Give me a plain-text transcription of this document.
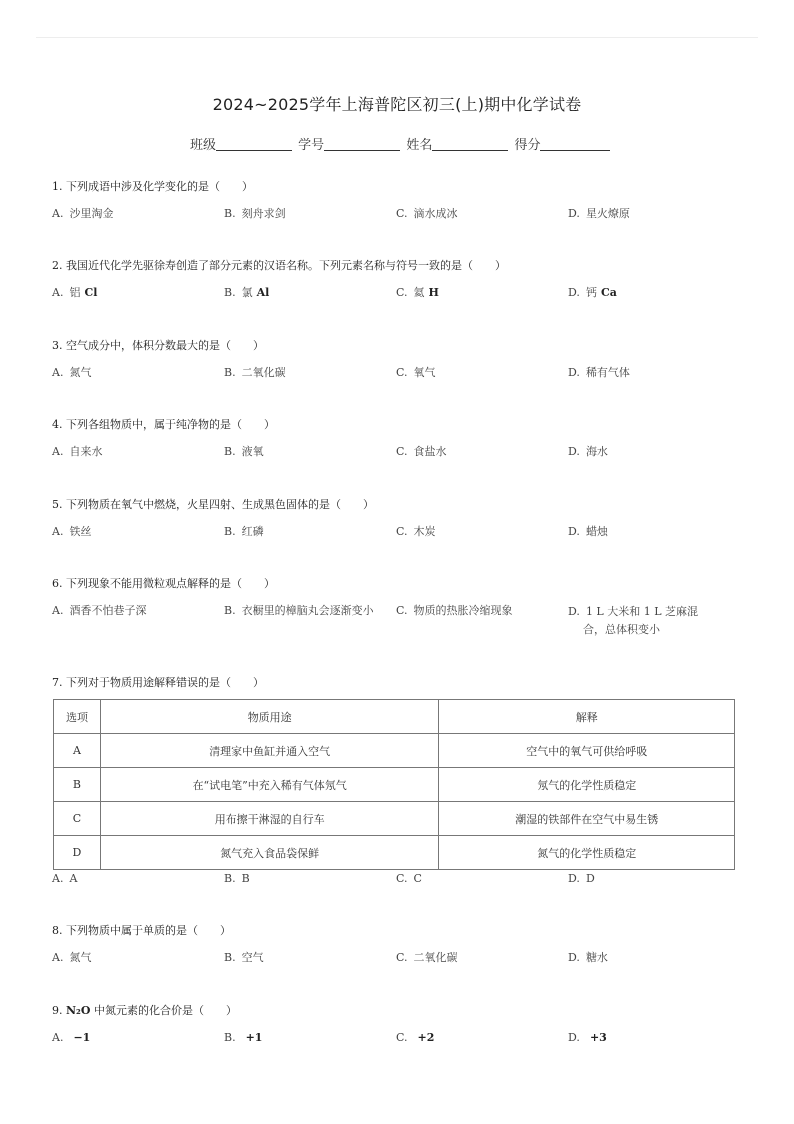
2024~2025学年上海普陀区初三(上)期中化学试卷
班级	学号	姓名	得分
1. 下列成语中涉及化学变化的是（　　）
A. 沙里淘金	B. 刻舟求剑	C. 滴水成冰	D. 星火燎原
2. 我国近代化学先驱徐寿创造了部分元素的汉语名称。下列元素名称与符号一致的是（　　）
A. 铝 Cl	B. 氯 Al	C. 氦 H	D. 钙 Ca
3. 空气成分中，体积分数最大的是（　　）
A. 氮气	B. 二氧化碳	C. 氧气	D. 稀有气体
4. 下列各组物质中，属于纯净物的是（　　）
A. 自来水	B. 液氧	C. 食盐水	D. 海水
5. 下列物质在氧气中燃烧，火星四射、生成黑色固体的是（　　）
A. 铁丝	B. 红磷	C. 木炭	D. 蜡烛
6. 下列现象不能用微粒观点解释的是（　　）
A. 酒香不怕巷子深	B. 衣橱里的樟脑丸会逐渐变小 C. 物质的热胀冷缩现象	D. 1 L 大米和 1 L 芝麻混
合，总体积变小
7. 下列对于物质用途解释错误的是（　　）
选项	物质用途	解释
A	清理家中鱼缸并通入空气	空气中的氧气可供给呼吸
B	在“试电笔”中充入稀有气体氖气	氖气的化学性质稳定
C	用布擦干淋湿的自行车	潮湿的铁部件在空气中易生锈
D	氮气充入食品袋保鲜	氮气的化学性质稳定
A. A	B. B	C. C	D. D
8. 下列物质中属于单质的是（　　）
A. 氮气	B. 空气	C. 二氧化碳	D. 糖水
9. N₂O 中氮元素的化合价是（　　）
A. −1	B. +1	C. +2	D. +3
